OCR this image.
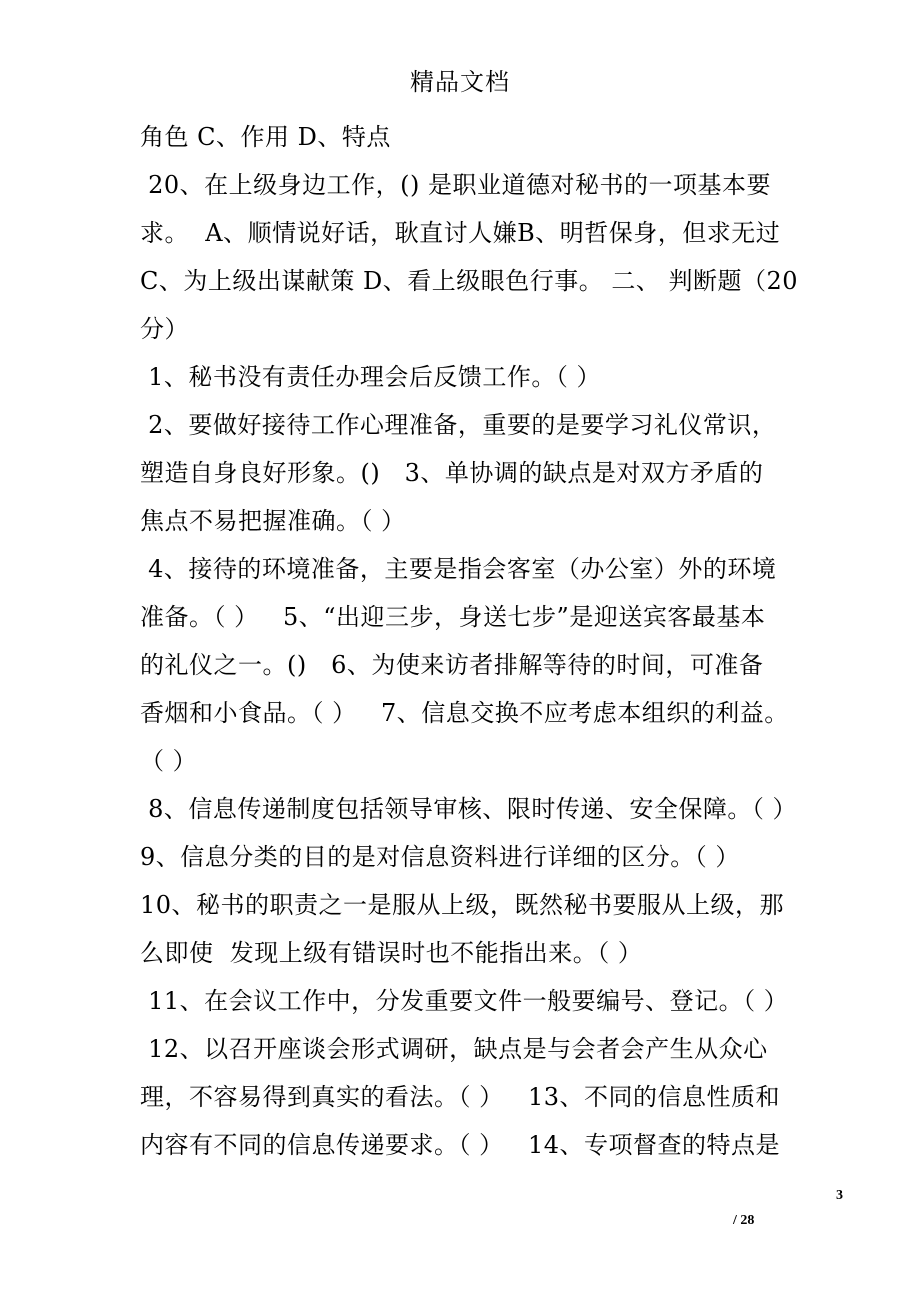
精品文档
角色 C、作用 D、特点
20、在上级身边工作，() 是职业道德对秘书的一项基本要
求。  A、顺情说好话，耿直讨人嫌B、明哲保身，但求无过
C、为上级出谋献策 D、看上级眼色行事。 二、 判断题（20
分）
1、秘书没有责任办理会后反馈工作。（ ）
2、要做好接待工作心理准备，重要的是要学习礼仪常识，
塑造自身良好形象。()   3、单协调的缺点是对双方矛盾的
焦点不易把握准确。（ ）
4、接待的环境准备，主要是指会客室（办公室）外的环境
准备。（ ）   5、“出迎三步，身送七步”是迎送宾客最基本
的礼仪之一。()   6、为使来访者排解等待的时间，可准备
香烟和小食品。（ ）   7、信息交换不应考虑本组织的利益。
（ ）
8、信息传递制度包括领导审核、限时传递、安全保障。（ ）
9、信息分类的目的是对信息资料进行详细的区分。（ ）
10、秘书的职责之一是服从上级，既然秘书要服从上级，那
么即使  发现上级有错误时也不能指出来。（ ）
11、在会议工作中，分发重要文件一般要编号、登记。（ ）
12、以召开座谈会形式调研，缺点是与会者会产生从众心
理，不容易得到真实的看法。（ ）   13、不同的信息性质和
内容有不同的信息传递要求。（ ）   14、专项督查的特点是
3
/ 28
